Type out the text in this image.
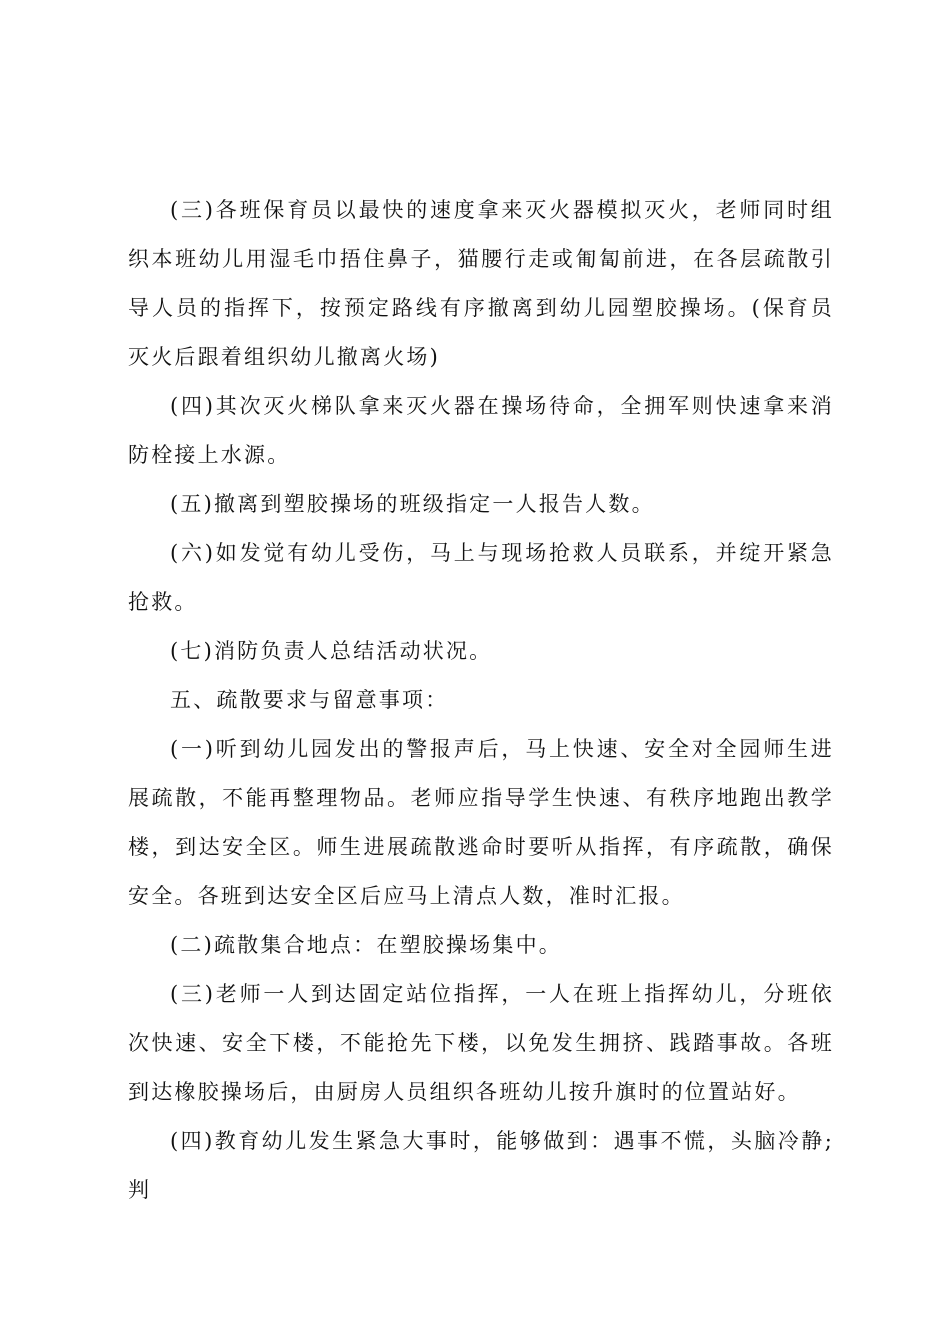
(三)各班保育员以最快的速度拿来灭火器模拟灭火，老师同时组织本班幼儿用湿毛巾捂住鼻子，猫腰行走或匍匐前进，在各层疏散引导人员的指挥下，按预定路线有序撤离到幼儿园塑胶操场。(保育员灭火后跟着组织幼儿撤离火场)

(四)其次灭火梯队拿来灭火器在操场待命，全拥军则快速拿来消防栓接上水源。

(五)撤离到塑胶操场的班级指定一人报告人数。

(六)如发觉有幼儿受伤，马上与现场抢救人员联系，并绽开紧急抢救。

(七)消防负责人总结活动状况。

五、疏散要求与留意事项：

(一)听到幼儿园发出的警报声后，马上快速、安全对全园师生进展疏散，不能再整理物品。老师应指导学生快速、有秩序地跑出教学楼，到达安全区。师生进展疏散逃命时要听从指挥，有序疏散，确保安全。各班到达安全区后应马上清点人数，准时汇报。

(二)疏散集合地点：在塑胶操场集中。

(三)老师一人到达固定站位指挥，一人在班上指挥幼儿，分班依次快速、安全下楼，不能抢先下楼，以免发生拥挤、践踏事故。各班到达橡胶操场后，由厨房人员组织各班幼儿按升旗时的位置站好。

(四)教育幼儿发生紧急大事时，能够做到：遇事不慌，头脑冷静;判
